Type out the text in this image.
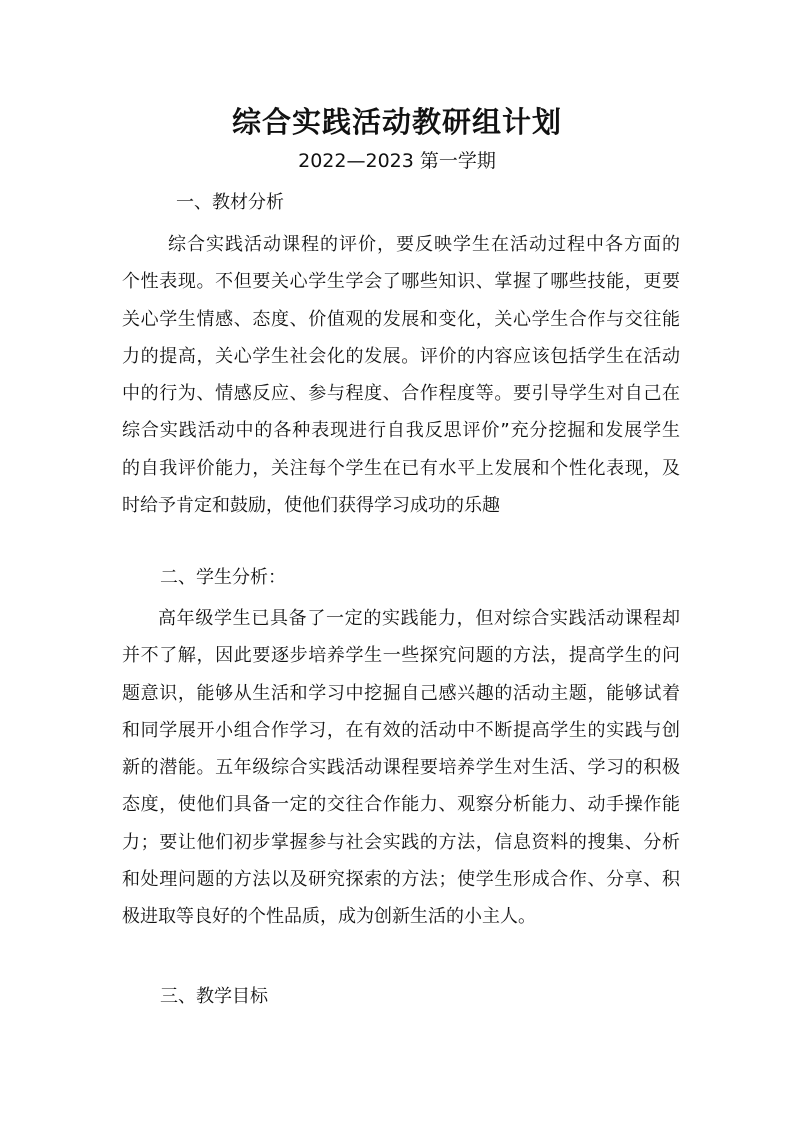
综合实践活动教研组计划
2022—2023 第一学期
一、教材分析
综合实践活动课程的评价，要反映学生在活动过程中各方面的
个性表现。不但要关心学生学会了哪些知识、掌握了哪些技能，更要
关心学生情感、态度、价值观的发展和变化，关心学生合作与交往能
力的提高，关心学生社会化的发展。评价的内容应该包括学生在活动
中的行为、情感反应、参与程度、合作程度等。要引导学生对自己在
综合实践活动中的各种表现进行自我反思评价”充分挖掘和发展学生
的自我评价能力，关注每个学生在已有水平上发展和个性化表现，及
时给予肯定和鼓励，使他们获得学习成功的乐趣
二、学生分析：
高年级学生已具备了一定的实践能力，但对综合实践活动课程却
并不了解，因此要逐步培养学生一些探究问题的方法，提高学生的问
题意识，能够从生活和学习中挖掘自己感兴趣的活动主题，能够试着
和同学展开小组合作学习，在有效的活动中不断提高学生的实践与创
新的潜能。五年级综合实践活动课程要培养学生对生活、学习的积极
态度，使他们具备一定的交往合作能力、观察分析能力、动手操作能
力；要让他们初步掌握参与社会实践的方法，信息资料的搜集、分析
和处理问题的方法以及研究探索的方法；使学生形成合作、分享、积
极进取等良好的个性品质，成为创新生活的小主人。
三、教学目标
